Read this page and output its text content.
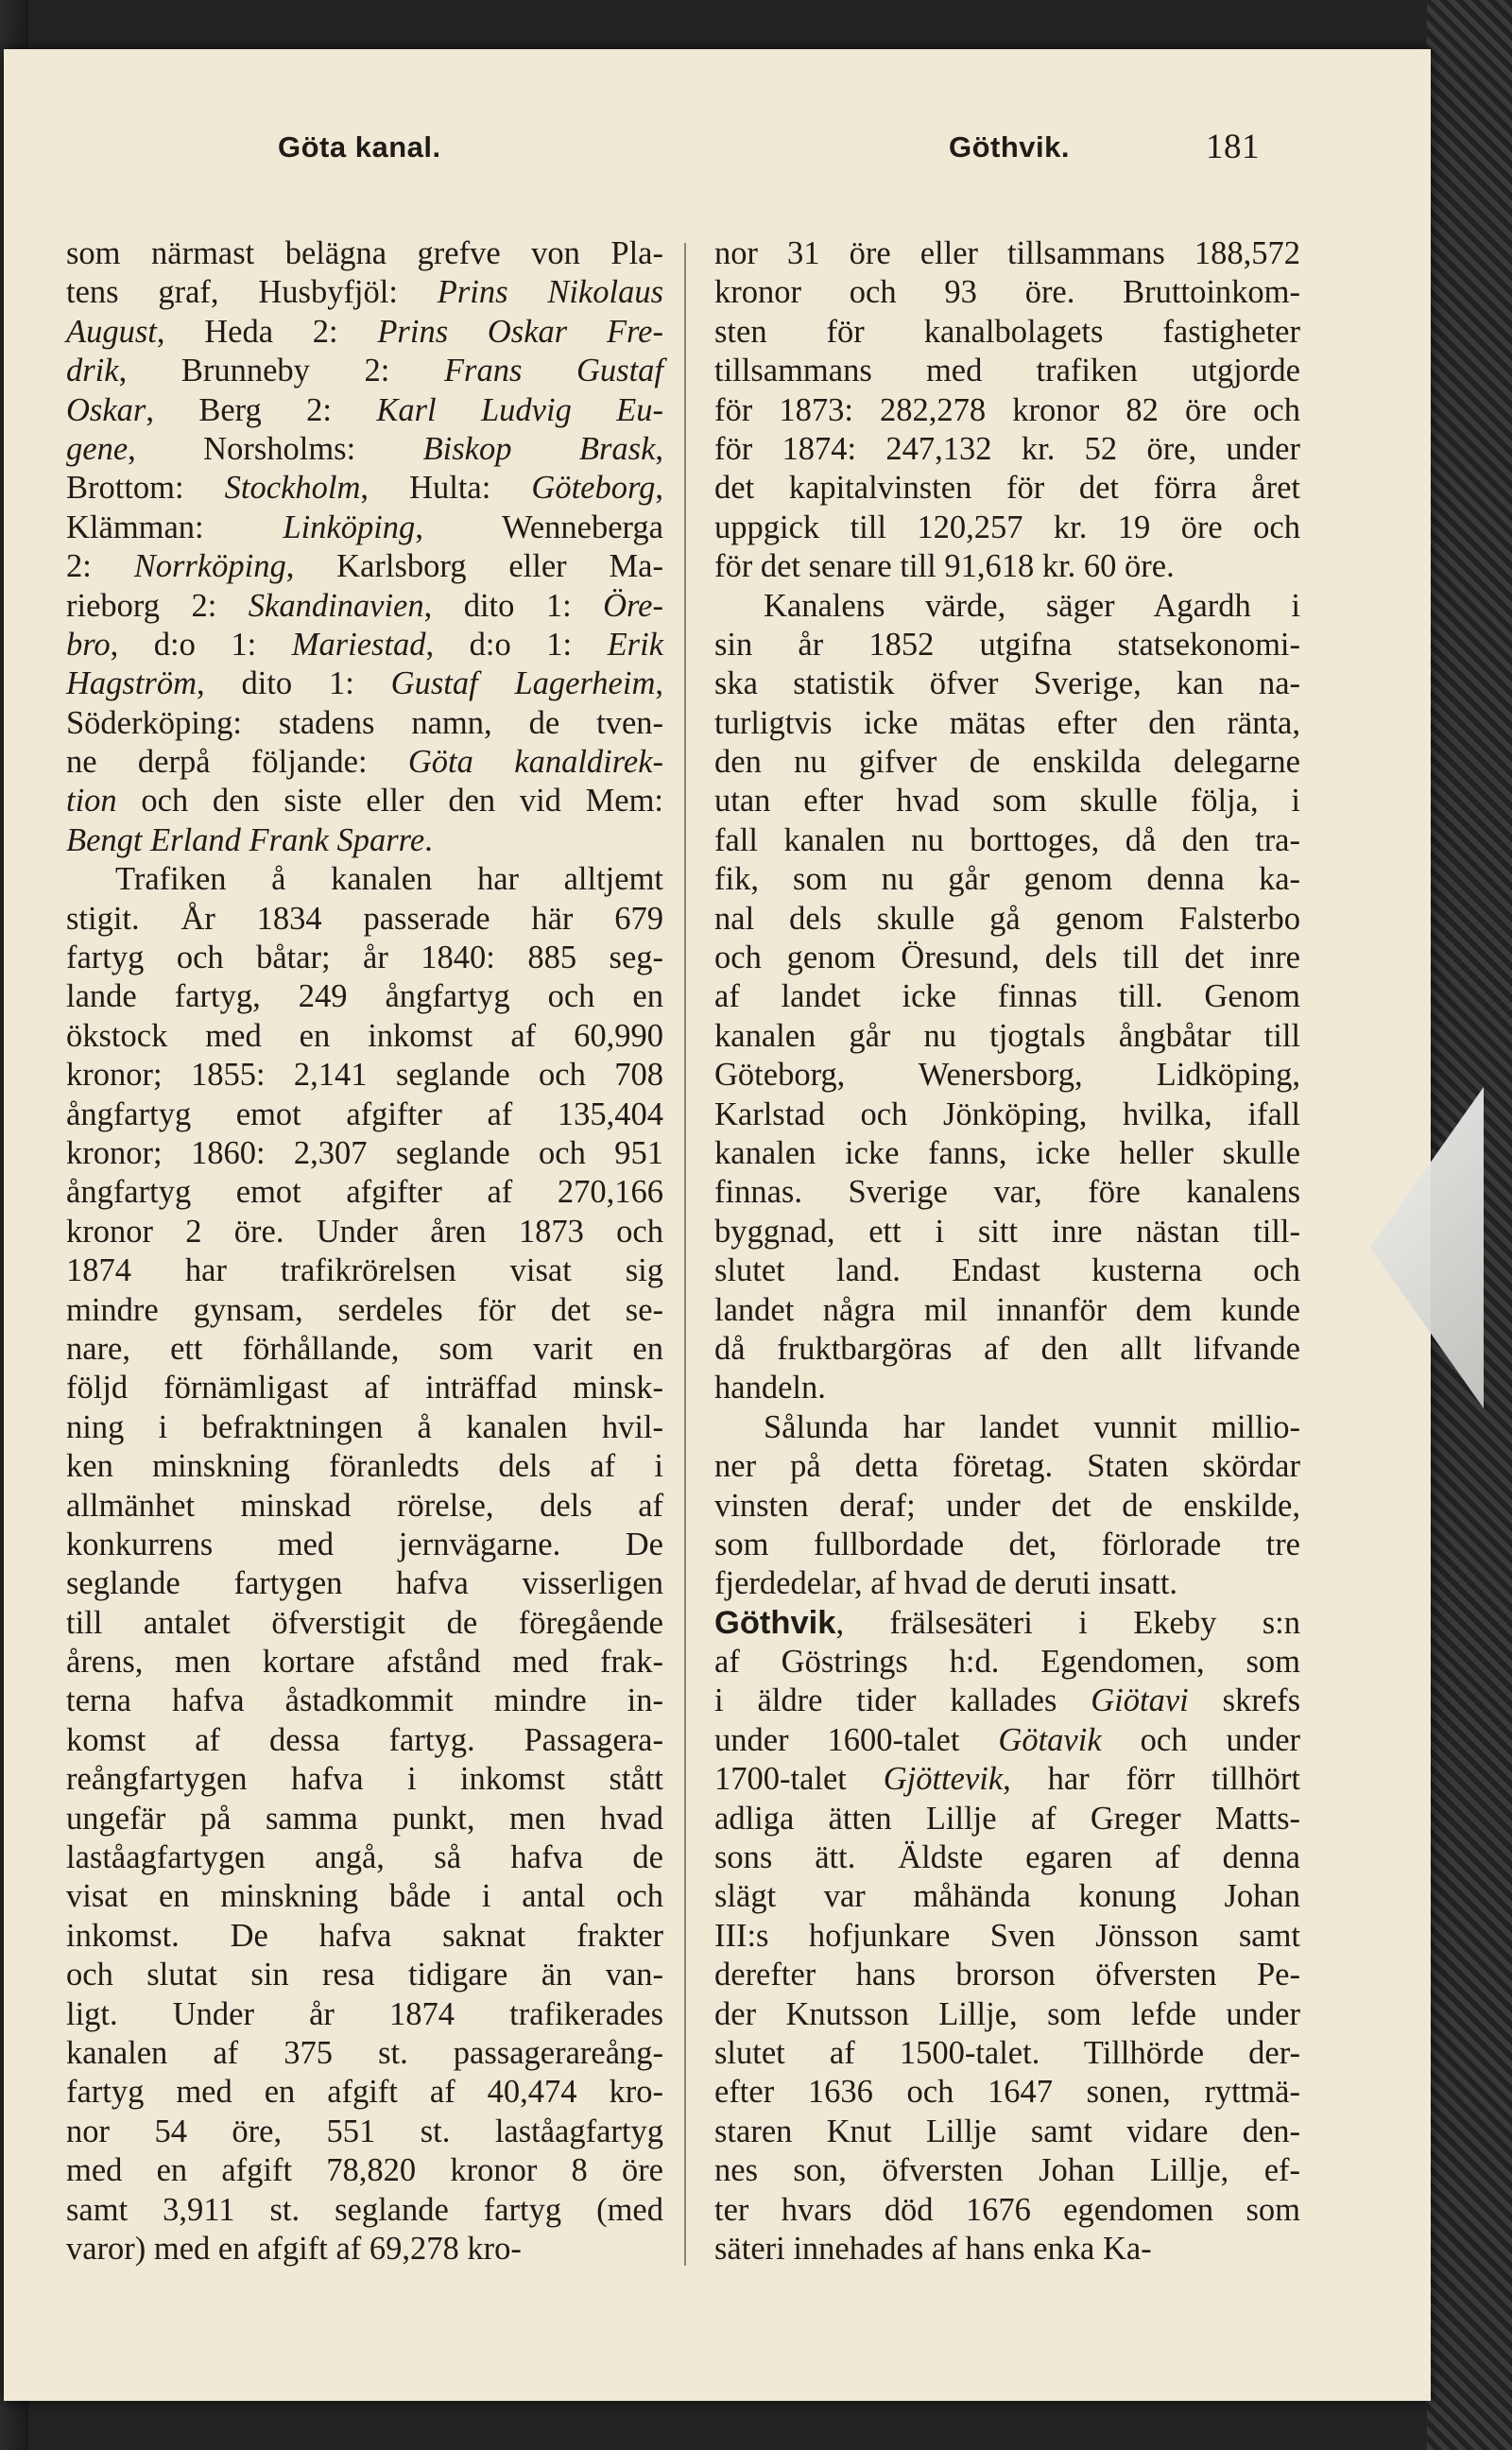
Göta kanal.	Göthvik.	181
som närmast belägna grefve von Pla-
tens graf, Husbyfjöl: Prins Nikolaus
August, Heda 2: Prins Oskar Fre-
drik, Brunneby 2: Frans Gustaf
Oskar, Berg 2: Karl Ludvig Eu-
gene, Norsholms: Biskop Brask,
Brottom: Stockholm, Hulta: Göteborg,
Klämman: Linköping, Wenneberga
2: Norrköping, Karlsborg eller Ma-
rieborg 2: Skandinavien, dito 1: Öre-
bro, d:o 1: Mariestad, d:o 1: Erik
Hagström, dito 1: Gustaf Lagerheim,
Söderköping: stadens namn, de tven-
ne derpå följande: Göta kanaldirek-
tion och den siste eller den vid Mem:
Bengt Erland Frank Sparre.
Trafiken å kanalen har alltjemt
stigit. År 1834 passerade här 679
fartyg och båtar; år 1840: 885 seg-
lande fartyg, 249 ångfartyg och en
ökstock med en inkomst af 60,990
kronor; 1855: 2,141 seglande och 708
ångfartyg emot afgifter af 135,404
kronor; 1860: 2,307 seglande och 951
ångfartyg emot afgifter af 270,166
kronor 2 öre. Under åren 1873 och
1874 har trafikrörelsen visat sig
mindre gynsam, serdeles för det se-
nare, ett förhållande, som varit en
följd förnämligast af inträffad minsk-
ning i befraktningen å kanalen hvil-
ken minskning föranledts dels af i
allmänhet minskad rörelse, dels af
konkurrens med jernvägarne. De
seglande fartygen hafva visserligen
till antalet öfverstigit de föregående
årens, men kortare afstånd med frak-
terna hafva åstadkommit mindre in-
komst af dessa fartyg. Passagera-
reångfartygen hafva i inkomst stått
ungefär på samma punkt, men hvad
laståagfartygen angå, så hafva de
visat en minskning både i antal och
inkomst. De hafva saknat frakter
och slutat sin resa tidigare än van-
ligt. Under år 1874 trafikerades
kanalen af 375 st. passagerareång-
fartyg med en afgift af 40,474 kro-
nor 54 öre, 551 st. laståagfartyg
med en afgift 78,820 kronor 8 öre
samt 3,911 st. seglande fartyg (med
varor) med en afgift af 69,278 kro-
nor 31 öre eller tillsammans 188,572
kronor och 93 öre. Bruttoinkom-
sten för kanalbolagets fastigheter
tillsammans med trafiken utgjorde
för 1873: 282,278 kronor 82 öre och
för 1874: 247,132 kr. 52 öre, under
det kapitalvinsten för det förra året
uppgick till 120,257 kr. 19 öre och
för det senare till 91,618 kr. 60 öre.
Kanalens värde, säger Agardh i
sin år 1852 utgifna statsekonomi-
ska statistik öfver Sverige, kan na-
turligtvis icke mätas efter den ränta,
den nu gifver de enskilda delegarne
utan efter hvad som skulle följa, i
fall kanalen nu borttoges, då den tra-
fik, som nu går genom denna ka-
nal dels skulle gå genom Falsterbo
och genom Öresund, dels till det inre
af landet icke finnas till. Genom
kanalen går nu tjogtals ångbåtar till
Göteborg, Wenersborg, Lidköping,
Karlstad och Jönköping, hvilka, ifall
kanalen icke fanns, icke heller skulle
finnas. Sverige var, före kanalens
byggnad, ett i sitt inre nästan till-
slutet land. Endast kusterna och
landet några mil innanför dem kunde
då fruktbargöras af den allt lifvande
handeln.
Sålunda har landet vunnit millio-
ner på detta företag. Staten skördar
vinsten deraf; under det de enskilde,
som fullbordade det, förlorade tre
fjerdedelar, af hvad de deruti insatt.
Göthvik, frälsesäteri i Ekeby s:n
af Göstrings h:d. Egendomen, som
i äldre tider kallades Giötavi skrefs
under 1600-talet Götavik och under
1700-talet Gjöttevik, har förr tillhört
adliga ätten Lillje af Greger Matts-
sons ätt. Äldste egaren af denna
slägt var måhända konung Johan
III:s hofjunkare Sven Jönsson samt
derefter hans brorson öfversten Pe-
der Knutsson Lillje, som lefde under
slutet af 1500-talet. Tillhörde der-
efter 1636 och 1647 sonen, ryttmä-
staren Knut Lillje samt vidare den-
nes son, öfversten Johan Lillje, ef-
ter hvars död 1676 egendomen som
säteri innehades af hans enka Ka-
